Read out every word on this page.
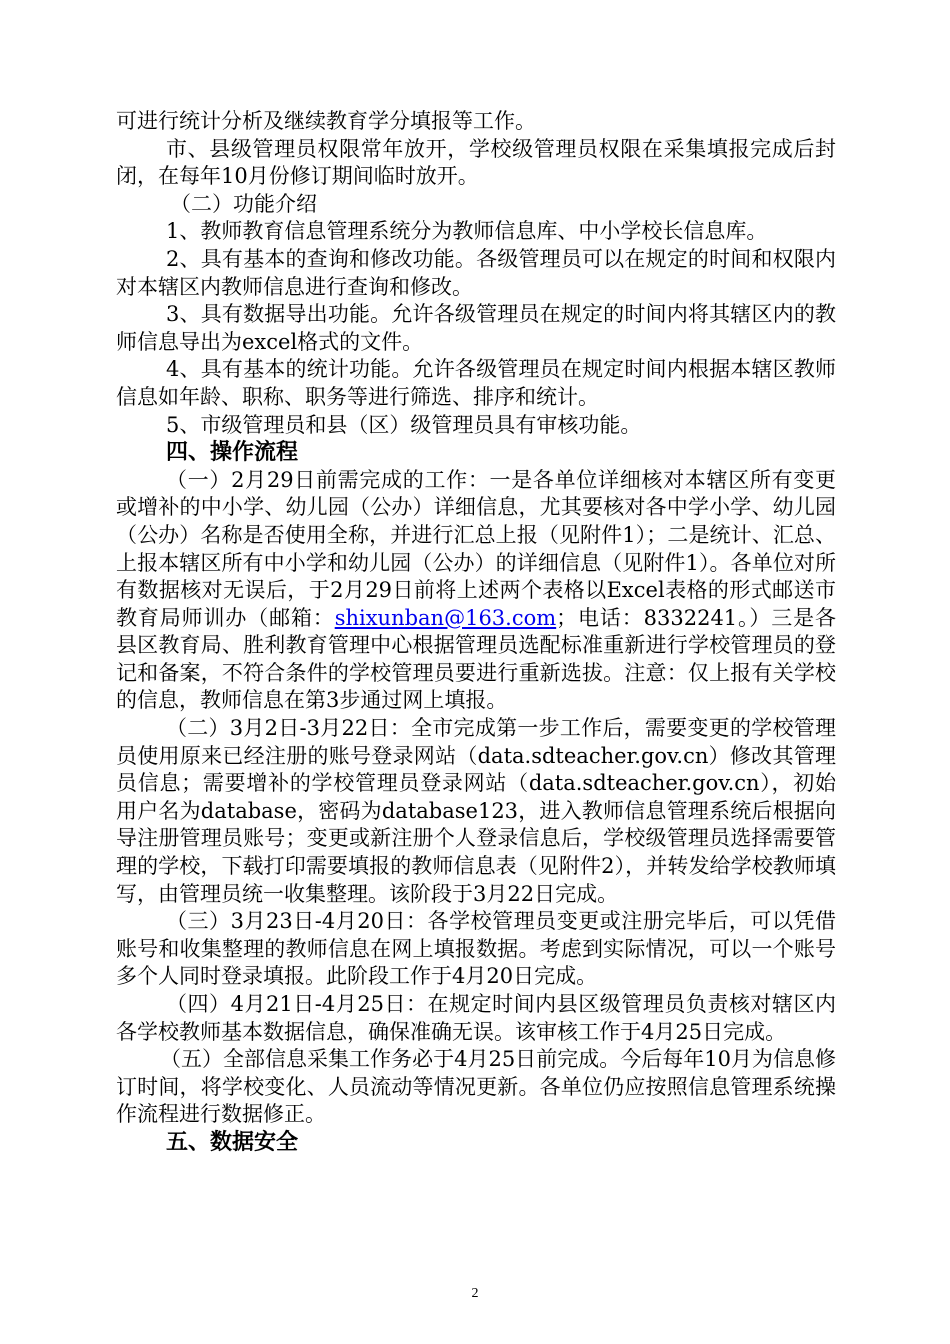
可进行统计分析及继续教育学分填报等工作。

市、县级管理员权限常年放开，学校级管理员权限在采集填报完成后封闭，在每年10月份修订期间临时放开。

（二）功能介绍

1、教师教育信息管理系统分为教师信息库、中小学校长信息库。

2、具有基本的查询和修改功能。各级管理员可以在规定的时间和权限内对本辖区内教师信息进行查询和修改。

3、具有数据导出功能。允许各级管理员在规定的时间内将其辖区内的教师信息导出为excel格式的文件。

4、具有基本的统计功能。允许各级管理员在规定时间内根据本辖区教师信息如年龄、职称、职务等进行筛选、排序和统计。

5、市级管理员和县（区）级管理员具有审核功能。

四、操作流程

（一）2月29日前需完成的工作：一是各单位详细核对本辖区所有变更或增补的中小学、幼儿园（公办）详细信息，尤其要核对各中学小学、幼儿园（公办）名称是否使用全称，并进行汇总上报（见附件1）；二是统计、汇总、上报本辖区所有中小学和幼儿园（公办）的详细信息（见附件1）。各单位对所有数据核对无误后，于2月29日前将上述两个表格以Excel表格的形式邮送市教育局师训办（邮箱：shixunban@163.com；电话：8332241。）三是各县区教育局、胜利教育管理中心根据管理员选配标准重新进行学校管理员的登记和备案，不符合条件的学校管理员要进行重新选拔。注意：仅上报有关学校的信息，教师信息在第3步通过网上填报。

（二）3月2日-3月22日：全市完成第一步工作后，需要变更的学校管理员使用原来已经注册的账号登录网站（data.sdteacher.gov.cn）修改其管理员信息；需要增补的学校管理员登录网站（data.sdteacher.gov.cn），初始用户名为database，密码为database123，进入教师信息管理系统后根据向导注册管理员账号；变更或新注册个人登录信息后，学校级管理员选择需要管理的学校，下载打印需要填报的教师信息表（见附件2），并转发给学校教师填写，由管理员统一收集整理。该阶段于3月22日完成。

（三）3月23日-4月20日：各学校管理员变更或注册完毕后，可以凭借账号和收集整理的教师信息在网上填报数据。考虑到实际情况，可以一个账号多个人同时登录填报。此阶段工作于4月20日完成。

（四）4月21日-4月25日：在规定时间内县区级管理员负责核对辖区内各学校教师基本数据信息，确保准确无误。该审核工作于4月25日完成。

（五）全部信息采集工作务必于4月25日前完成。今后每年10月为信息修订时间，将学校变化、人员流动等情况更新。各单位仍应按照信息管理系统操作流程进行数据修正。

五、数据安全
2
